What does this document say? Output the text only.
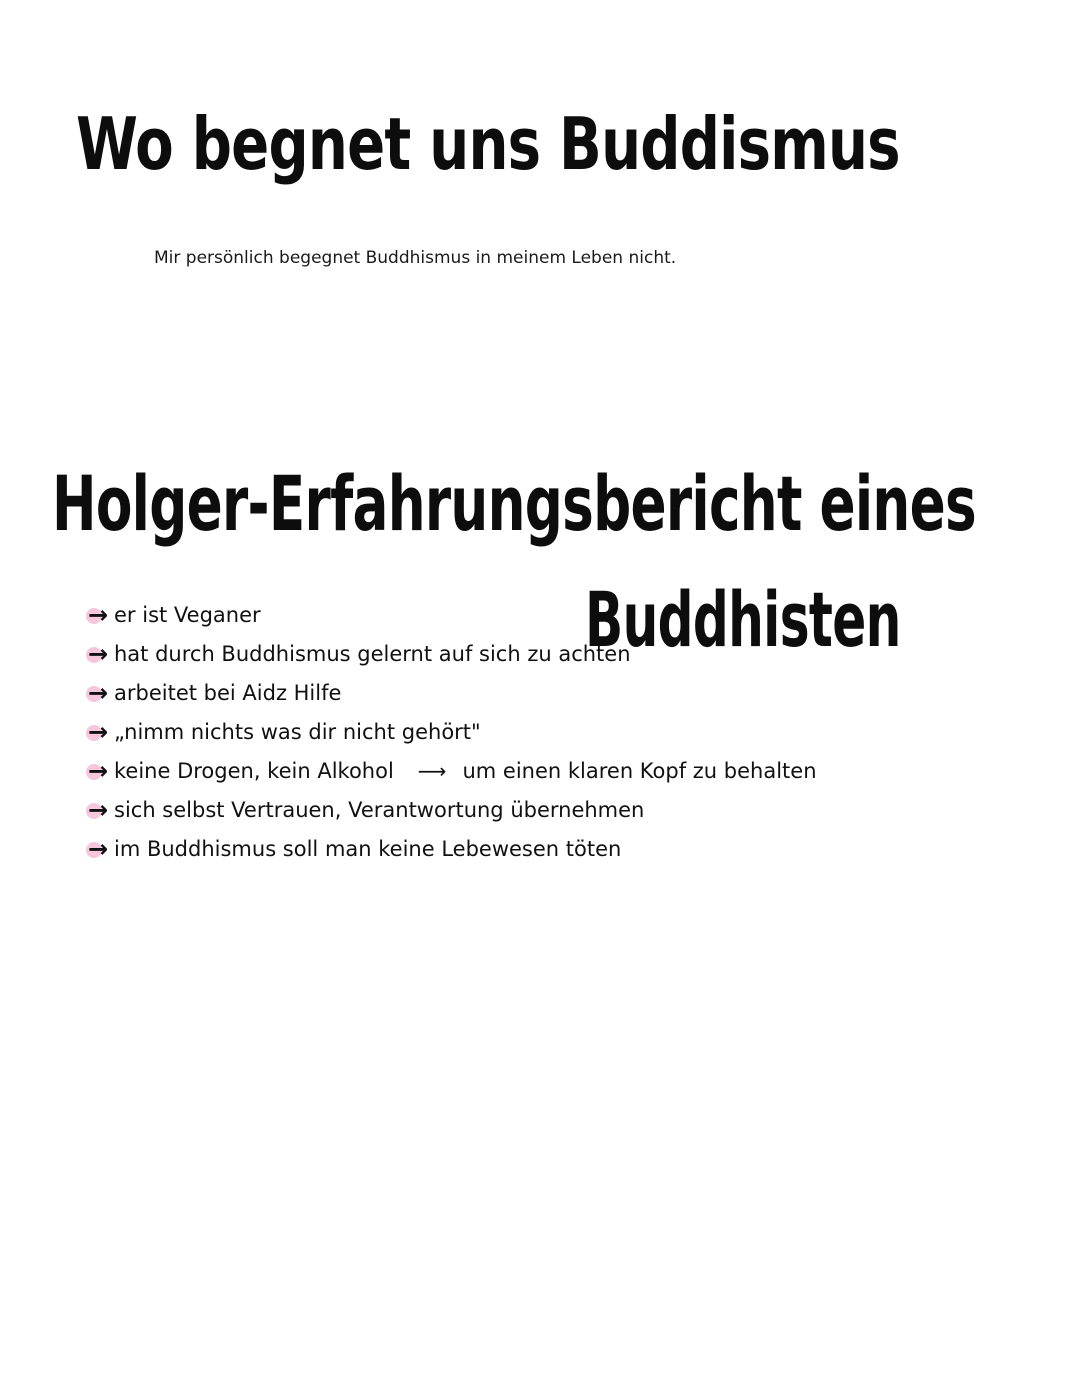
Wo begnet uns Buddismus

Mir persönlich begegnet Buddhismus in meinem Leben nicht.

Holger-Erfahrungsbericht eines
Buddhisten
→ er ist Veganer
→ hat durch Buddhismus gelernt auf sich zu achten
→ arbeitet bei Aidz Hilfe
→ „nimm nichts was dir nicht gehört"
→ keine Drogen, kein Alkohol ⟶ um einen klaren Kopf zu behalten
→ sich selbst Vertrauen, Verantwortung übernehmen
→ im Buddhismus soll man keine Lebewesen töten
